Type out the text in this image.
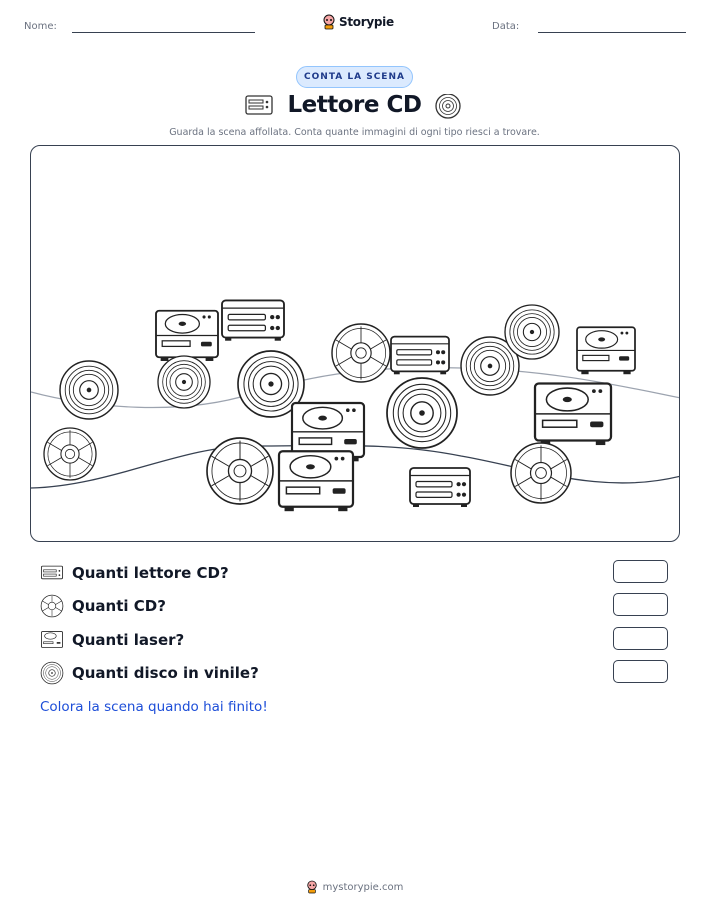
Nome:	Storypie	Data:
CONTA LA SCENA
Lettore CD
Guarda la scena affollata. Conta quante immagini di ogni tipo riesci a trovare.
Quanti lettore CD?
Quanti CD?
Quanti laser?
Quanti disco in vinile?
Colora la scena quando hai finito!
mystorypie.com
